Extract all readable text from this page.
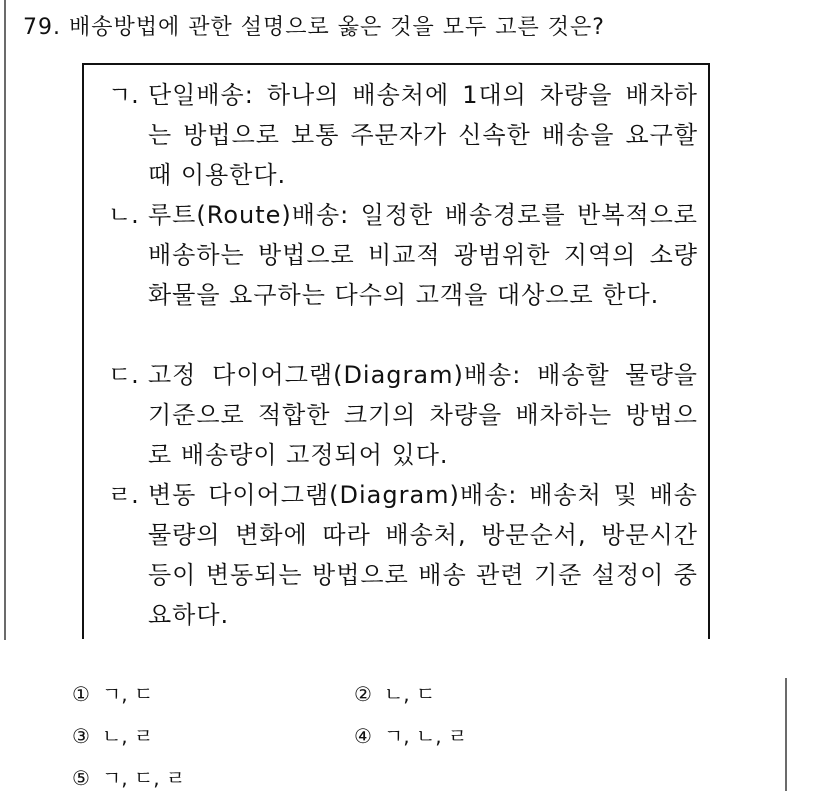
79. 배송방법에 관한 설명으로 옳은 것을 모두 고른 것은?
ㄱ. 단일배송: 하나의 배송처에 1대의 차량을 배차하는 방법으로 보통 주문자가 신속한 배송을 요구할 때 이용한다.
ㄴ. 루트(Route)배송: 일정한 배송경로를 반복적으로 배송하는 방법으로 비교적 광범위한 지역의 소량화물을 요구하는 다수의 고객을 대상으로 한다.
ㄷ. 고정 다이어그램(Diagram)배송: 배송할 물량을 기준으로 적합한 크기의 차량을 배차하는 방법으로 배송량이 고정되어 있다.
ㄹ. 변동 다이어그램(Diagram)배송: 배송처 및 배송물량의 변화에 따라 배송처, 방문순서, 방문시간 등이 변동되는 방법으로 배송 관련 기준 설정이 중요하다.
① ㄱ, ㄷ	② ㄴ, ㄷ
③ ㄴ, ㄹ	④ ㄱ, ㄴ, ㄹ
⑤ ㄱ, ㄷ, ㄹ
